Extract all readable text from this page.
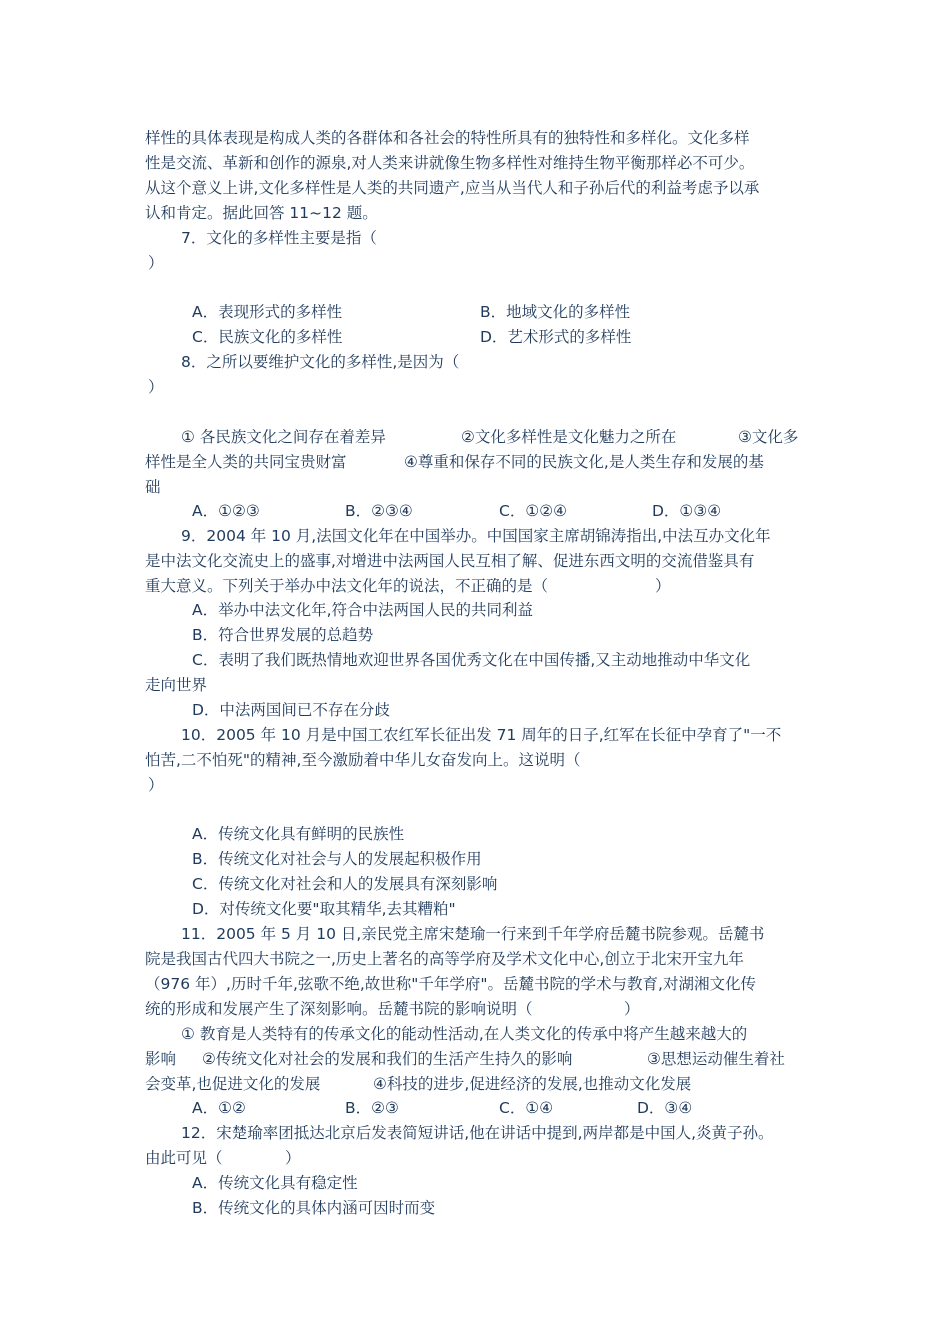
样性的具体表现是构成人类的各群体和各社会的特性所具有的独特性和多样化。文化多样
性是交流、革新和创作的源泉,对人类来讲就像生物多样性对维持生物平衡那样必不可少。
从这个意义上讲,文化多样性是人类的共同遗产,应当从当代人和子孙后代的利益考虑予以承
认和肯定。据此回答 11~12 题。
7．文化的多样性主要是指（
）
A．表现形式的多样性	B．地域文化的多样性
C．民族文化的多样性	D．艺术形式的多样性
8．之所以要维护文化的多样性,是因为（
）
① 各民族文化之间存在着差异	②文化多样性是文化魅力之所在	③文化多
样性是全人类的共同宝贵财富	④尊重和保存不同的民族文化,是人类生存和发展的基
础
A．①②③	B．②③④	C．①②④	D．①③④
9．2004 年 10 月,法国文化年在中国举办。中国国家主席胡锦涛指出,中法互办文化年
是中法文化交流史上的盛事,对增进中法两国人民互相了解、促进东西文明的交流借鉴具有
重大意义。下列关于举办中法文化年的说法，不正确的是（	）
A．举办中法文化年,符合中法两国人民的共同利益
B．符合世界发展的总趋势
C．表明了我们既热情地欢迎世界各国优秀文化在中国传播,又主动地推动中华文化
走向世界
D．中法两国间已不存在分歧
10．2005 年 10 月是中国工农红军长征出发 71 周年的日子,红军在长征中孕育了"一不
怕苦,二不怕死"的精神,至今激励着中华儿女奋发向上。这说明（
）
A．传统文化具有鲜明的民族性
B．传统文化对社会与人的发展起积极作用
C．传统文化对社会和人的发展具有深刻影响
D．对传统文化要"取其精华,去其糟粕"
11．2005 年 5 月 10 日,亲民党主席宋楚瑜一行来到千年学府岳麓书院参观。岳麓书
院是我国古代四大书院之一,历史上著名的高等学府及学术文化中心,创立于北宋开宝九年
（976 年）,历时千年,弦歌不绝,故世称"千年学府"。岳麓书院的学术与教育,对湖湘文化传
统的形成和发展产生了深刻影响。岳麓书院的影响说明（	）
① 教育是人类特有的传承文化的能动性活动,在人类文化的传承中将产生越来越大的
影响 ②传统文化对社会的发展和我们的生活产生持久的影响	③思想运动催生着社
会变革,也促进文化的发展	④科技的进步,促进经济的发展,也推动文化发展
A．①②	B．②③	C．①④	D．③④
12．宋楚瑜率团抵达北京后发表简短讲话,他在讲话中提到,两岸都是中国人,炎黄子孙。
由此可见（	）
A．传统文化具有稳定性
B．传统文化的具体内涵可因时而变
